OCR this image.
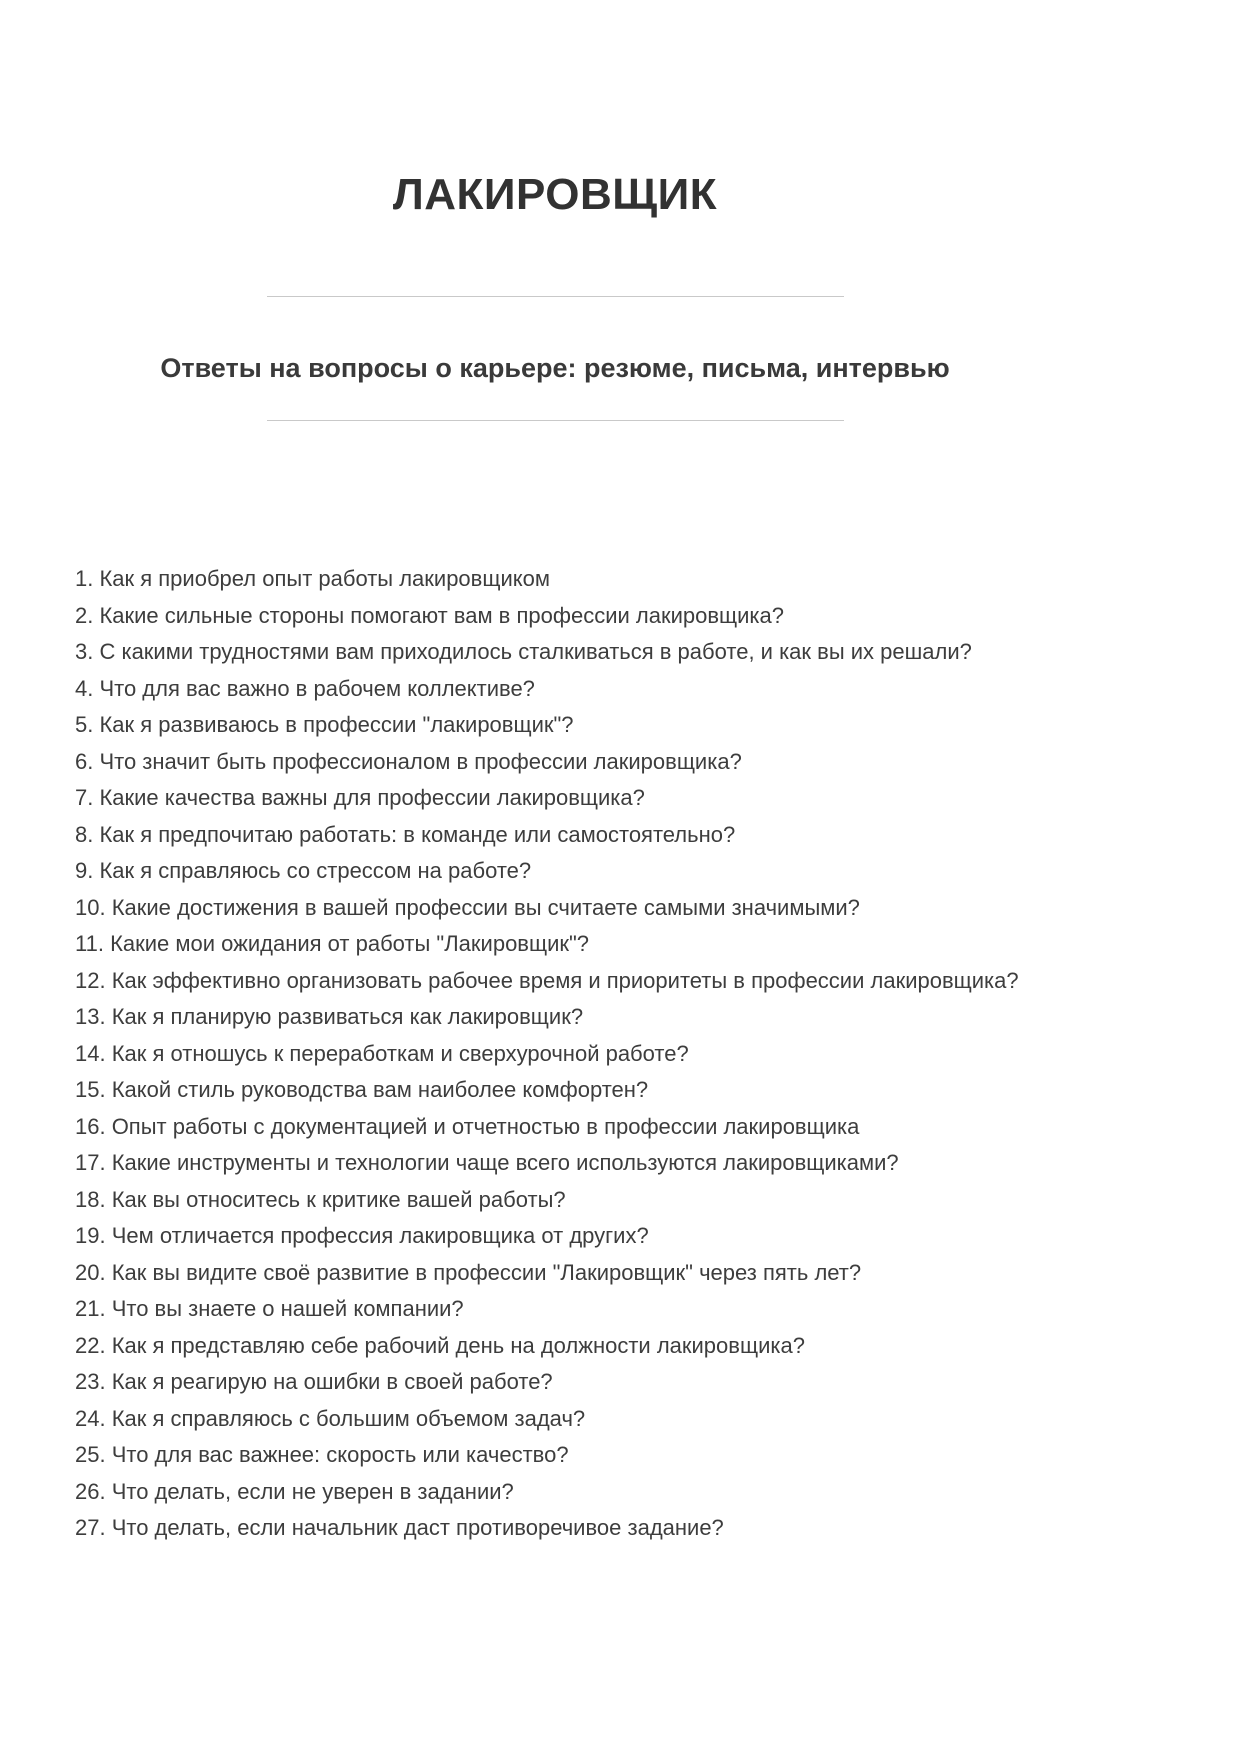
ЛАКИРОВЩИК
Ответы на вопросы о карьере: резюме, письма, интервью
1. Как я приобрел опыт работы лакировщиком
2. Какие сильные стороны помогают вам в профессии лакировщика?
3. С какими трудностями вам приходилось сталкиваться в работе, и как вы их решали?
4. Что для вас важно в рабочем коллективе?
5. Как я развиваюсь в профессии "лакировщик"?
6. Что значит быть профессионалом в профессии лакировщика?
7. Какие качества важны для профессии лакировщика?
8. Как я предпочитаю работать: в команде или самостоятельно?
9. Как я справляюсь со стрессом на работе?
10. Какие достижения в вашей профессии вы считаете самыми значимыми?
11. Какие мои ожидания от работы "Лакировщик"?
12. Как эффективно организовать рабочее время и приоритеты в профессии лакировщика?
13. Как я планирую развиваться как лакировщик?
14. Как я отношусь к переработкам и сверхурочной работе?
15. Какой стиль руководства вам наиболее комфортен?
16. Опыт работы с документацией и отчетностью в профессии лакировщика
17. Какие инструменты и технологии чаще всего используются лакировщиками?
18. Как вы относитесь к критике вашей работы?
19. Чем отличается профессия лакировщика от других?
20. Как вы видите своё развитие в профессии "Лакировщик" через пять лет?
21. Что вы знаете о нашей компании?
22. Как я представляю себе рабочий день на должности лакировщика?
23. Как я реагирую на ошибки в своей работе?
24. Как я справляюсь с большим объемом задач?
25. Что для вас важнее: скорость или качество?
26. Что делать, если не уверен в задании?
27. Что делать, если начальник даст противоречивое задание?
